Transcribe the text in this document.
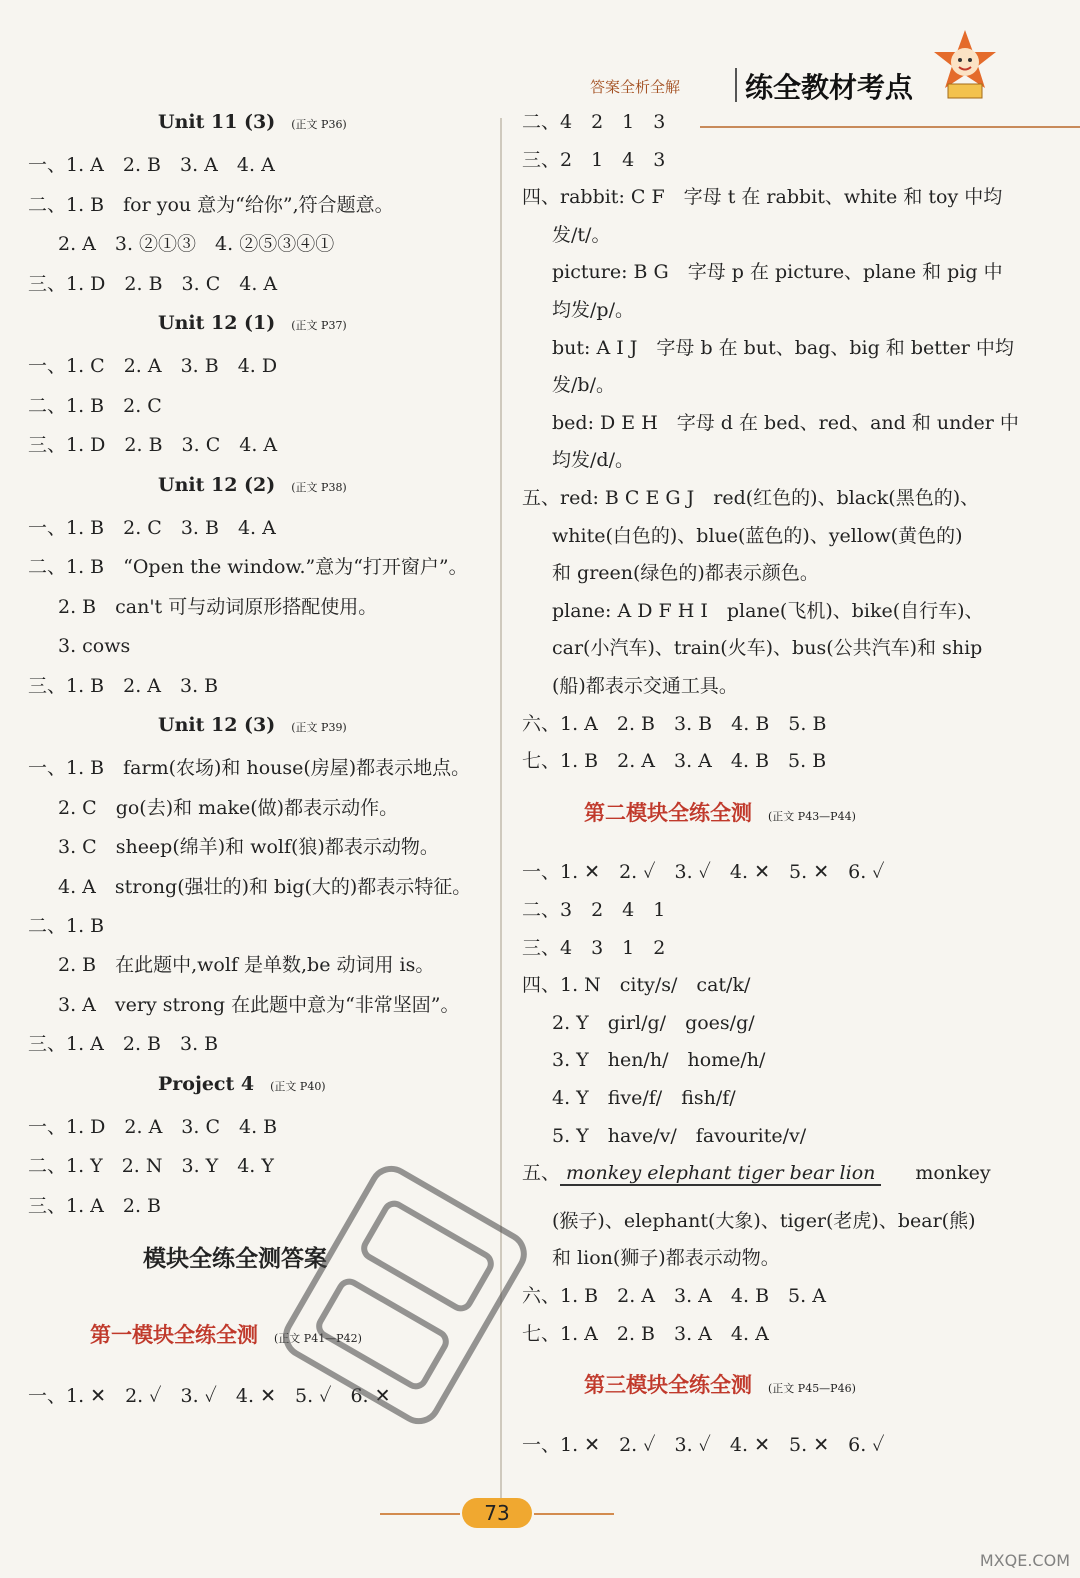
答案全析全解 练全教材考点
Unit 11 (3) (正文 P36)
一、1. A　2. B　3. A　4. A
二、1. B　for you 意为“给你”,符合题意。
2. A　3. ②①③　4. ②⑤③④①
三、1. D　2. B　3. C　4. A
Unit 12 (1) (正文 P37)
一、1. C　2. A　3. B　4. D
二、1. B　2. C
三、1. D　2. B　3. C　4. A
Unit 12 (2) (正文 P38)
一、1. B　2. C　3. B　4. A
二、1. B　“Open the window.”意为“打开窗户”。
2. B　can't 可与动词原形搭配使用。
3. cows
三、1. B　2. A　3. B
Unit 12 (3) (正文 P39)
一、1. B　farm(农场)和 house(房屋)都表示地点。
2. C　go(去)和 make(做)都表示动作。
3. C　sheep(绵羊)和 wolf(狼)都表示动物。
4. A　strong(强壮的)和 big(大的)都表示特征。
二、1. B
2. B　在此题中,wolf 是单数,be 动词用 is。
3. A　very strong 在此题中意为“非常坚固”。
三、1. A　2. B　3. B
Project 4 (正文 P40)
一、1. D　2. A　3. C　4. B
二、1. Y　2. N　3. Y　4. Y
三、1. A　2. B
模块全练全测答案
第一模块全练全测 (正文 P41—P42)
一、1. ✕　2. ✓　3. ✓　4. ✕　5. ✓　6. ✕
二、4　2　1　3
三、2　1　4　3
四、rabbit: C F　字母 t 在 rabbit、white 和 toy 中均
发/t/。
picture: B G　字母 p 在 picture、plane 和 pig 中
均发/p/。
but: A I J　字母 b 在 but、bag、big 和 better 中均
发/b/。
bed: D E H　字母 d 在 bed、red、and 和 under 中
均发/d/。
五、red: B C E G J　red(红色的)、black(黑色的)、
white(白色的)、blue(蓝色的)、yellow(黄色的)
和 green(绿色的)都表示颜色。
plane: A D F H I　plane(飞机)、bike(自行车)、
car(小汽车)、train(火车)、bus(公共汽车)和 ship
(船)都表示交通工具。
六、1. A　2. B　3. B　4. B　5. B
七、1. B　2. A　3. A　4. B　5. B
第二模块全练全测 (正文 P43—P44)
一、1. ✕　2. ✓　3. ✓　4. ✕　5. ✕　6. ✓
二、3　2　4　1
三、4　3　1　2
四、1. N　city/s/　cat/k/
2. Y　girl/g/　goes/g/
3. Y　hen/h/　home/h/
4. Y　five/f/　fish/f/
5. Y　have/v/　favourite/v/
五、 monkey elephant tiger bear lion monkey
(猴子)、elephant(大象)、tiger(老虎)、bear(熊)
和 lion(狮子)都表示动物。
六、1. B　2. A　3. A　4. B　5. A
七、1. A　2. B　3. A　4. A
第三模块全练全测 (正文 P45—P46)
一、1. ✕　2. ✓　3. ✓　4. ✕　5. ✕　6. ✓
73
MXQE.COM
